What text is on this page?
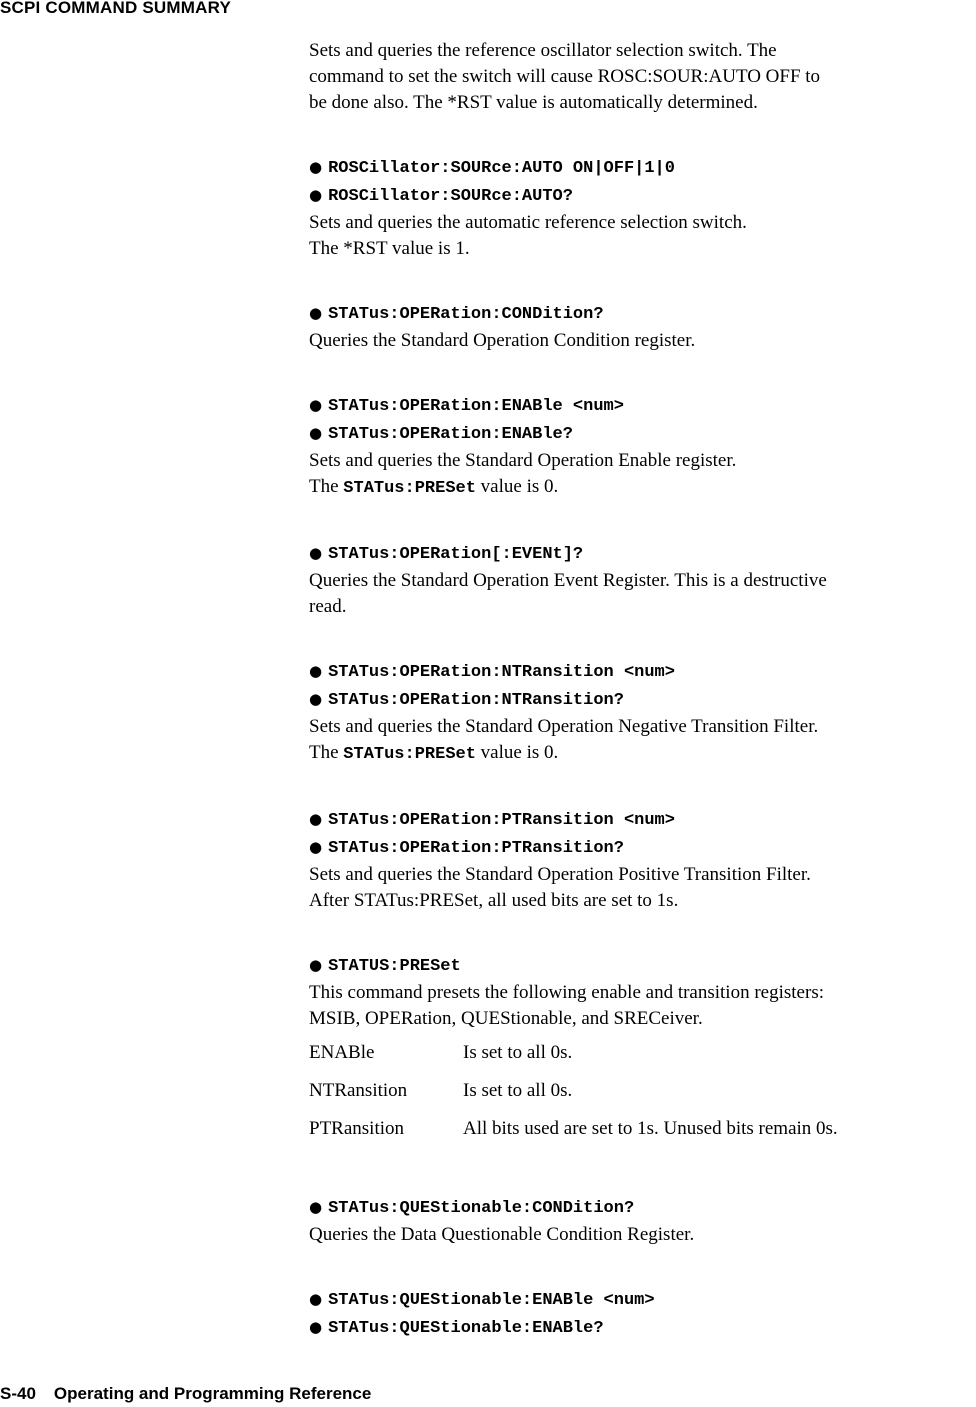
SCPI COMMAND SUMMARY
Sets and queries the reference oscillator selection switch. The
command to set the switch will cause ROSC:SOUR:AUTO OFF to
be done also. The *RST value is automatically determined.
● ROSCillator:SOURce:AUTO ON|OFF|1|0
● ROSCillator:SOURce:AUTO?
Sets and queries the automatic reference selection switch.
The *RST value is 1.
● STATus:OPERation:CONDition?
Queries the Standard Operation Condition register.
● STATus:OPERation:ENABle <num>
● STATus:OPERation:ENABle?
Sets and queries the Standard Operation Enable register.
The STATus:PRESet value is 0.
● STATus:OPERation[:EVENt]?
Queries the Standard Operation Event Register. This is a destructive
read.
● STATus:OPERation:NTRansition <num>
● STATus:OPERation:NTRansition?
Sets and queries the Standard Operation Negative Transition Filter.
The STATus:PRESet value is 0.
● STATus:OPERation:PTRansition <num>
● STATus:OPERation:PTRansition?
Sets and queries the Standard Operation Positive Transition Filter.
After STATus:PRESet, all used bits are set to 1s.
● STATUS:PRESet
This command presets the following enable and transition registers:
MSIB, OPERation, QUEStionable, and SRECeiver.
ENABle	Is set to all 0s.
NTRansition	Is set to all 0s.
PTRansition	All bits used are set to 1s. Unused bits remain 0s.
● STATus:QUEStionable:CONDition?
Queries the Data Questionable Condition Register.
● STATus:QUEStionable:ENABle <num>
● STATus:QUEStionable:ENABle?
S-40 Operating and Programming Reference
